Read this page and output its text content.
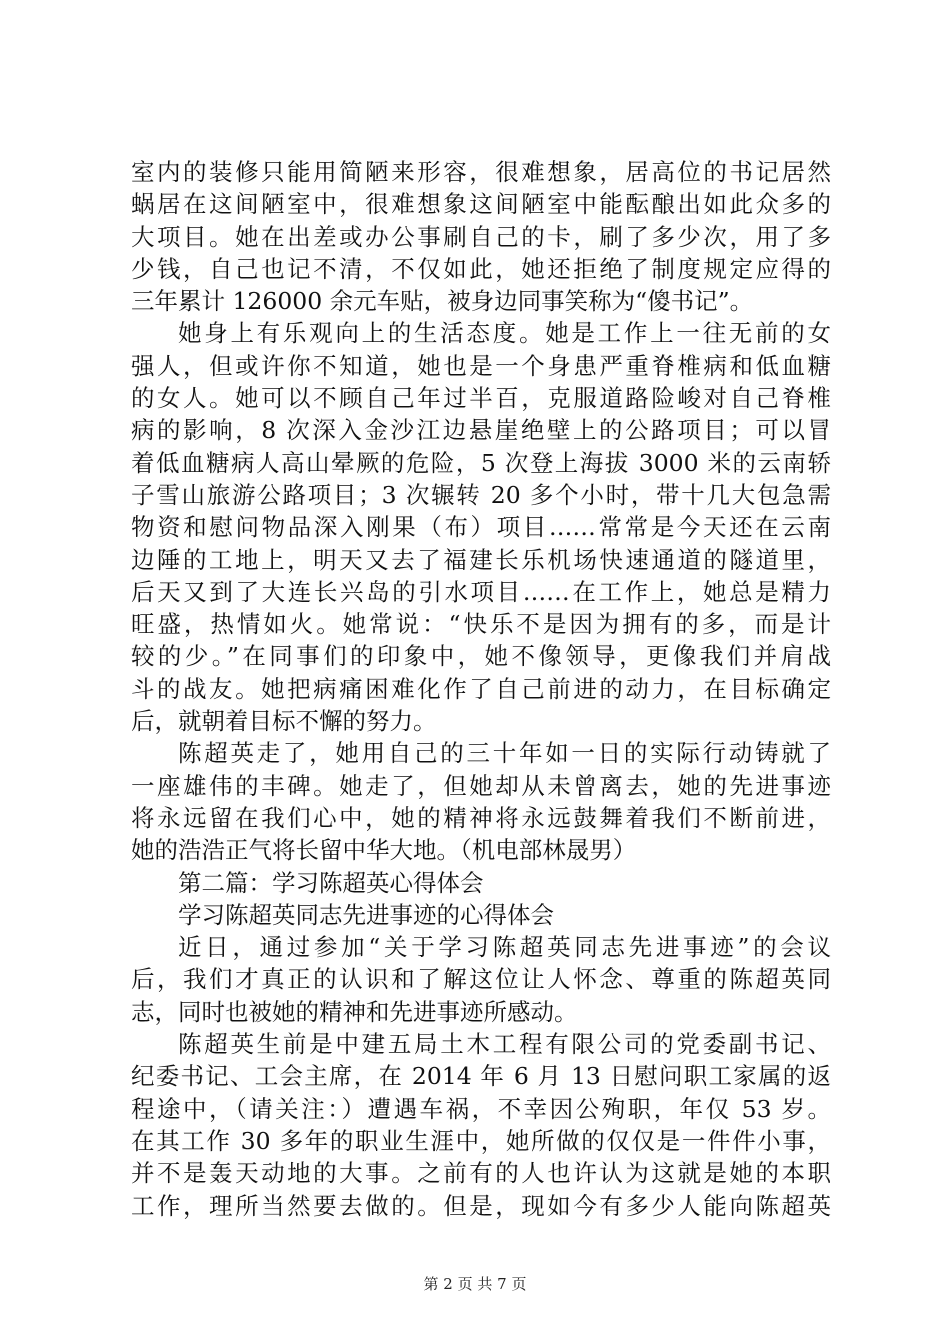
室内的装修只能用简陋来形容，很难想象，居高位的书记居然
蜗居在这间陋室中，很难想象这间陋室中能酝酿出如此众多的
大项目。她在出差或办公事刷自己的卡，刷了多少次，用了多
少钱，自己也记不清，不仅如此，她还拒绝了制度规定应得的
三年累计 126000 余元车贴，被身边同事笑称为“傻书记”。
她身上有乐观向上的生活态度。她是工作上一往无前的女
强人，但或许你不知道，她也是一个身患严重脊椎病和低血糖
的女人。她可以不顾自己年过半百，克服道路险峻对自己脊椎
病的影响，8 次深入金沙江边悬崖绝壁上的公路项目；可以冒
着低血糖病人高山晕厥的危险，5 次登上海拔 3000 米的云南轿
子雪山旅游公路项目；3 次辗转 20 多个小时，带十几大包急需
物资和慰问物品深入刚果（布）项目……常常是今天还在云南
边陲的工地上，明天又去了福建长乐机场快速通道的隧道里，
后天又到了大连长兴岛的引水项目……在工作上，她总是精力
旺盛，热情如火。她常说：“快乐不是因为拥有的多，而是计
较的少。”在同事们的印象中，她不像领导，更像我们并肩战
斗的战友。她把病痛困难化作了自己前进的动力，在目标确定
后，就朝着目标不懈的努力。
陈超英走了，她用自己的三十年如一日的实际行动铸就了
一座雄伟的丰碑。她走了，但她却从未曾离去，她的先进事迹
将永远留在我们心中，她的精神将永远鼓舞着我们不断前进，
她的浩浩正气将长留中华大地。（机电部林晟男）
第二篇：学习陈超英心得体会
学习陈超英同志先进事迹的心得体会
近日，通过参加“关于学习陈超英同志先进事迹”的会议
后，我们才真正的认识和了解这位让人怀念、尊重的陈超英同
志，同时也被她的精神和先进事迹所感动。
陈超英生前是中建五局土木工程有限公司的党委副书记、
纪委书记、工会主席，在 2014 年 6 月 13 日慰问职工家属的返
程途中，（请关注：）遭遇车祸，不幸因公殉职，年仅 53 岁。
在其工作 30 多年的职业生涯中，她所做的仅仅是一件件小事，
并不是轰天动地的大事。之前有的人也许认为这就是她的本职
工作，理所当然要去做的。但是，现如今有多少人能向陈超英
第 2 页 共 7 页
